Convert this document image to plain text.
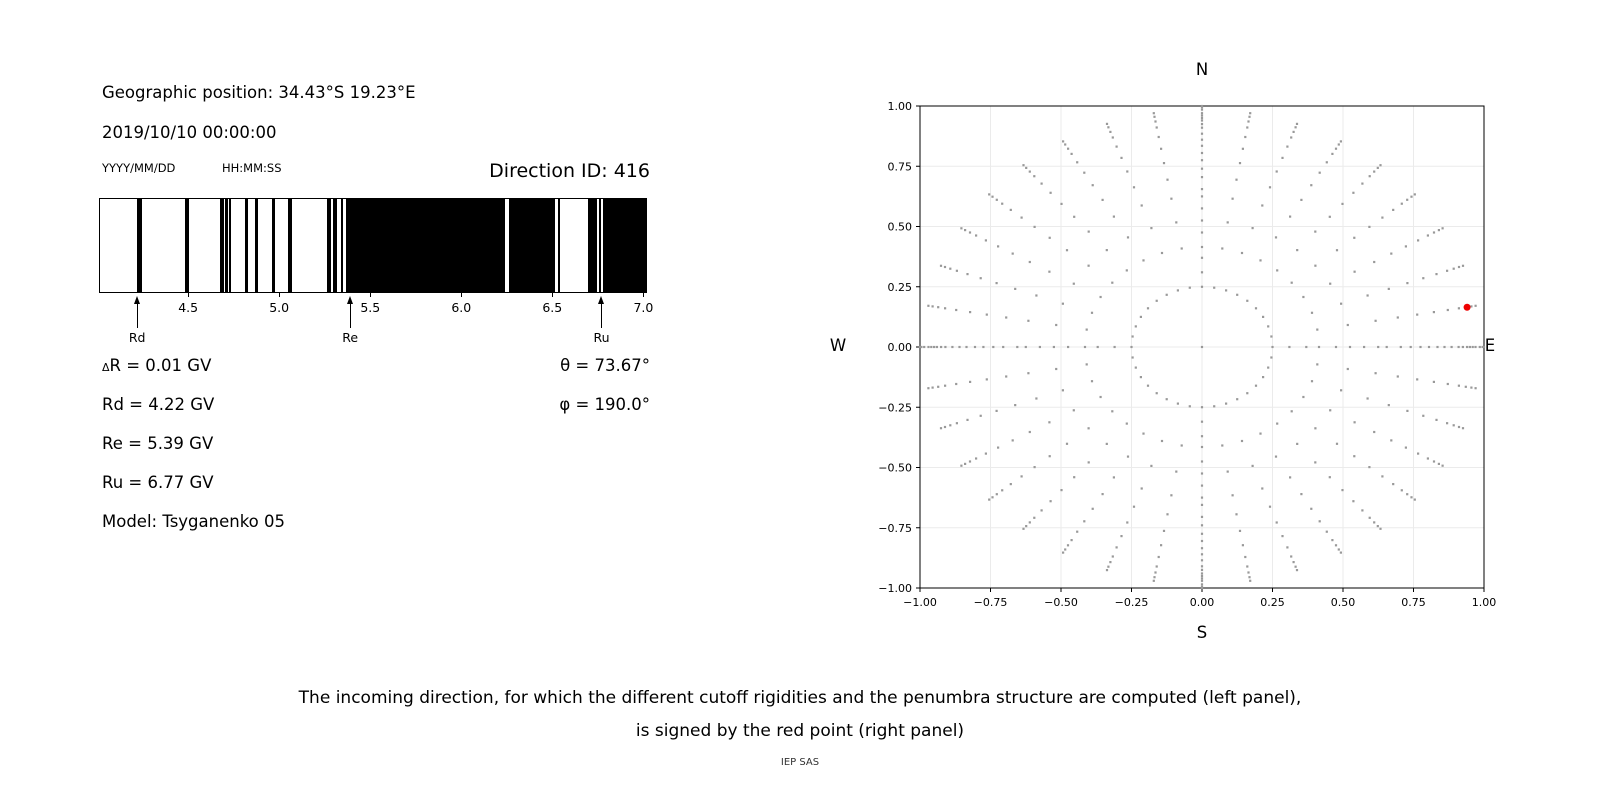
Geographic position: 34.43°S 19.23°E
2019/10/10 00:00:00
YYYY/MM/DD	HH:MM:SS	Direction ID: 416
4.5	5.0	5.5	6.0	6.5	7.0
Rd	Re	Ru
ΔR = 0.01 GV
Rd = 4.22 GV
Re = 5.39 GV
Ru = 6.77 GV
Model: Tsyganenko 05
θ = 73.67°
φ = 190.0°
−1.00	−0.75	−0.50	−0.25	0.00	0.25	0.50	0.75	1.00
−1.00
−0.75
−0.50
−0.25
0.00
0.25
0.50
0.75
1.00
N
S
W	E
The incoming direction, for which the different cutoff rigidities and the penumbra structure are computed (left panel),
is signed by the red point (right panel)
IEP SAS
